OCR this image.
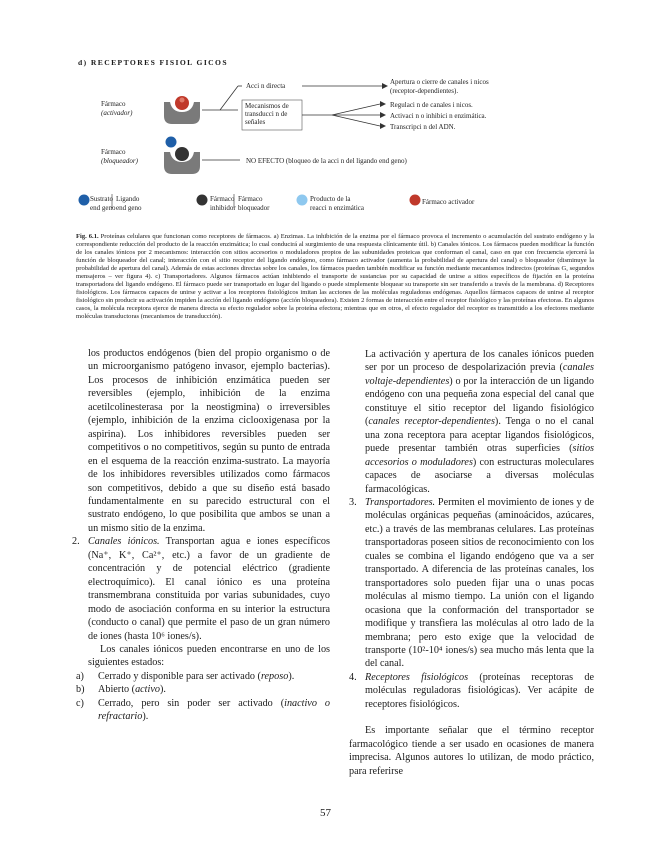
d) RECEPTORES FISIOL GICOS
Fármaco
(activador)
Fármaco
(bloqueador)
Acci n directa
Mecanismos de
transducci n de
señales
Apertura o cierre de canales i nicos
(receptor-dependientes).
Regulaci n de canales i nicos.
Activaci n o inhibici n enzimática.
Transcripci n del ADN.
NO EFECTO (bloqueo de la acci n del ligando end geno)
Sustrato
end geno
Ligando
end geno
Fármaco
inhibidor
Fármaco
bloqueador
Producto de la
reacci n enzimática
Fármaco activador
Fig. 6.1. Proteínas celulares que funcionan como receptores de fármacos. a) Enzimas. La inhibición de la enzima por el fármaco provoca el incremento o acumulación del sustrato endógeno y la correspondiente reducción del producto de la reacción enzimática; lo cual conducirá al surgimiento de una respuesta clínicamente útil. b) Canales iónicos. Los fármacos pueden modificar la función de los canales iónicos por 2 mecanismos: interacción con sitios accesorios o moduladores propios de las subunidades proteicas que conforman el canal, caso en que con frecuencia ejercerá la función de bloqueador del canal; interacción con el sitio receptor del ligando endógeno, como fármaco activador (aumenta la probabilidad de apertura del canal) o bloqueador (disminuye la probabilidad de apertura del canal). Además de estas acciones directas sobre los canales, los fármacos pueden también modificar su función mediante mecanismos indirectos (proteínas G, segundos mensajeros – ver figura 4). c) Transportadores. Algunos fármacos actúan inhibiendo el transporte de sustancias por su capacidad de unirse a sitios específicos de fijación en la proteína transportadora del ligando endógeno. El fármaco puede ser transportado en lugar del ligando o puede simplemente bloquear su transporte sin ser transferido a través de la membrana. d) Receptores fisiológicos. Los fármacos capaces de unirse y activar a los receptores fisiológicos imitan las acciones de las moléculas reguladoras endógenas. Aquellos fármacos capaces de unirse al receptor fisiológico sin producir su activación impiden la acción del ligando endógeno (acción bloqueadora). Existen 2 formas de interacción entre el receptor fisiológico y las proteínas efectoras. En algunos casos, la molécula receptora ejerce de manera directa su efecto regulador sobre la proteína efectora; mientras que en otros, el efecto regulador del receptor es transmitido a los efectores mediante moléculas transductoras (mecanismos de transducción).

los productos endógenos (bien del propio organismo o de un microorganismo patógeno invasor, ejemplo bacterias). Los procesos de inhibición enzimática pueden ser reversibles (ejemplo, inhibición de la enzima acetilcolinesterasa por la neostigmina) o irreversibles (ejemplo, inhibición de la enzima ciclooxigenasa por la aspirina). Los inhibidores reversibles pueden ser competitivos o no competitivos, según su punto de entrada en el esquema de la reacción enzima-sustrato. La mayoría de los inhibidores reversibles utilizados como fármacos son competitivos, debido a que su diseño está basado fundamentalmente en su parecido estructural con el sustrato endógeno, lo que posibilita que ambos se unan a un mismo sitio de la enzima.

2. Canales iónicos. Transportan agua e iones específicos (Na⁺, K⁺, Ca²⁺, etc.) a favor de un gradiente de concentración y de potencial eléctrico (gradiente electroquímico). El canal iónico es una proteína transmembrana constituida por varias subunidades, cuyo modo de asociación conforma en su interior la estructura (conducto o canal) que permite el paso de un gran número de iones (hasta 10⁶ iones/s).

Los canales iónicos pueden encontrarse en uno de los siguientes estados:

a) Cerrado y disponible para ser activado (reposo).
b) Abierto (activo).
c) Cerrado, pero sin poder ser activado (inactivo o refractario).

La activación y apertura de los canales iónicos pueden ser por un proceso de despolarización previa (canales voltaje-dependientes) o por la interacción de un ligando endógeno con una pequeña zona especial del canal que constituye el sitio receptor del ligando fisiológico (canales receptor-dependientes). Tenga o no el canal una zona receptora para aceptar ligandos fisiológicos, puede presentar también otras superficies (sitios accesorios o moduladores) con estructuras moleculares capaces de asociarse a diversas moléculas farmacológicas.

3. Transportadores. Permiten el movimiento de iones y de moléculas orgánicas pequeñas (aminoácidos, azúcares, etc.) a través de las membranas celulares. Las proteínas transportadoras poseen sitios de reconocimiento con los cuales se combina el ligando endógeno que va a ser transportado. A diferencia de las proteínas canales, los transportadores solo pueden fijar una o unas pocas moléculas al mismo tiempo. La unión con el ligando ocasiona que la conformación del transportador se modifique y transfiera las moléculas al otro lado de la membrana; pero esto exige que la velocidad de transporte (10²-10⁴ iones/s) sea mucho más lenta que la del canal.
4. Receptores fisiológicos (proteínas receptoras de moléculas reguladoras fisiológicas). Ver acápite de receptores fisiológicos.

Es importante señalar que el término receptor farmacológico tiende a ser usado en ocasiones de manera imprecisa. Algunos autores lo utilizan, de modo práctico, para referirse

57
